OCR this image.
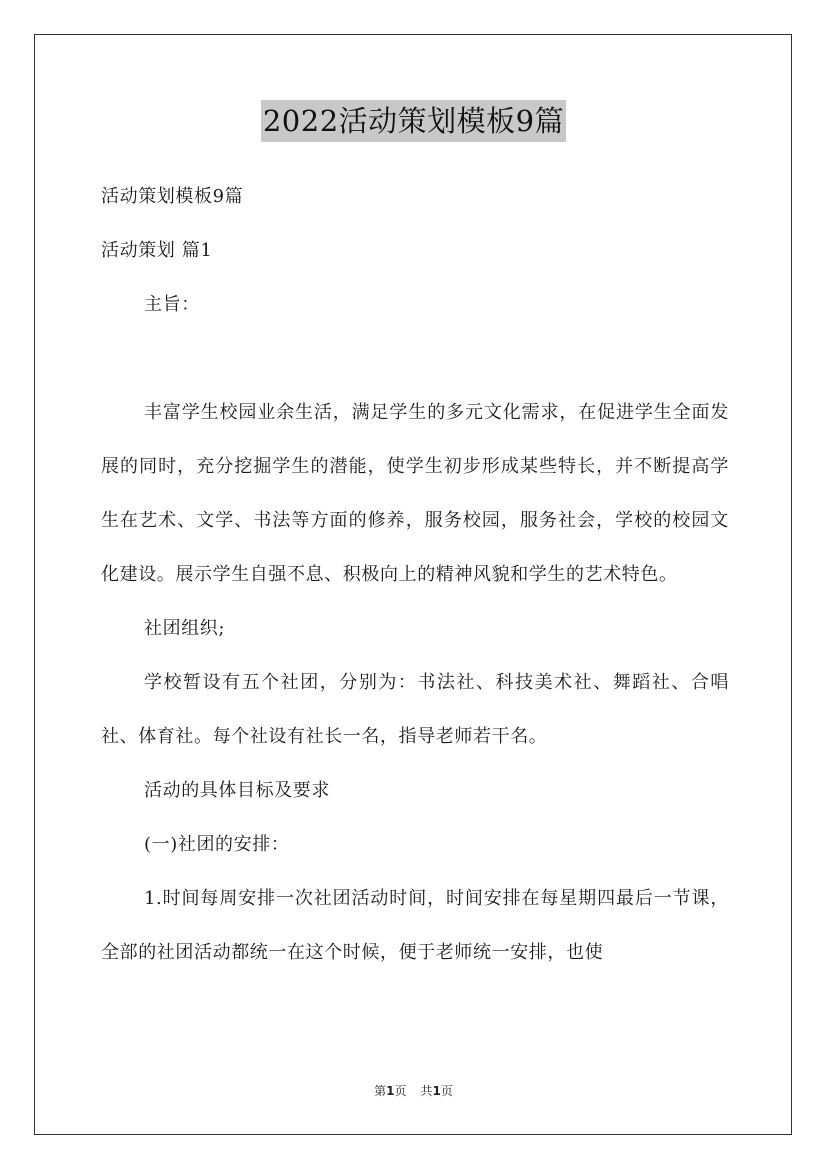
2022活动策划模板9篇

活动策划模板9篇

活动策划 篇1

主旨：

丰富学生校园业余生活，满足学生的多元文化需求，在促进学生全面发展的同时，充分挖掘学生的潜能，使学生初步形成某些特长，并不断提高学生在艺术、文学、书法等方面的修养，服务校园，服务社会，学校的校园文化建设。展示学生自强不息、积极向上的精神风貌和学生的艺术特色。

社团组织;

学校暂设有五个社团，分别为：书法社、科技美术社、舞蹈社、合唱社、体育社。每个社设有社长一名，指导老师若干名。

活动的具体目标及要求

(一)社团的安排：

1.时间每周安排一次社团活动时间，时间安排在每星期四最后一节课，全部的社团活动都统一在这个时候，便于老师统一安排，也使

第1页 共1页
